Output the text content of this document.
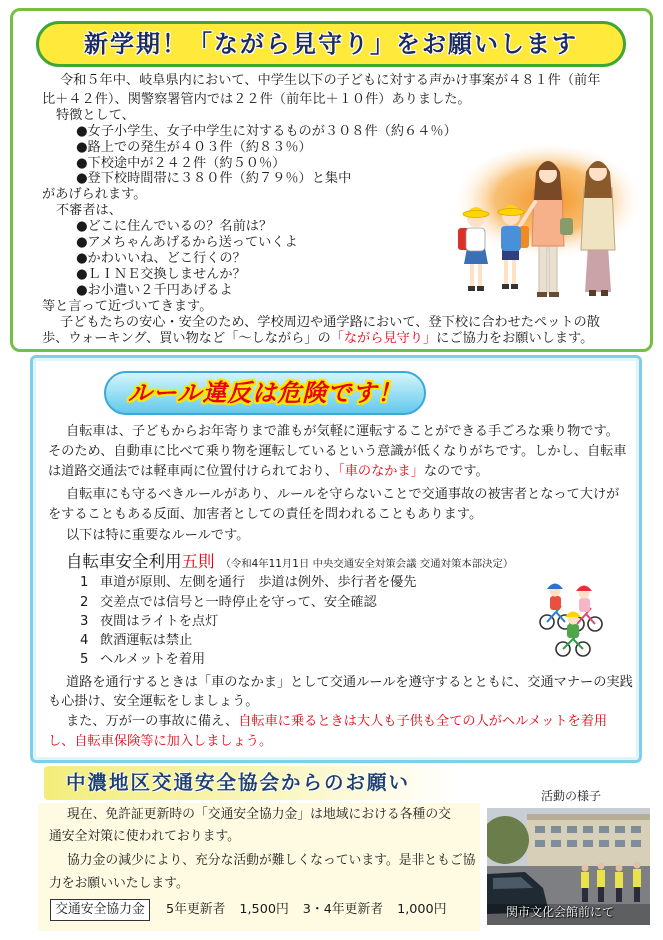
新学期！「ながら見守り」をお願いします
令和５年中、岐阜県内において、中学生以下の子どもに対する声かけ事案が４８１件（前年
比＋４２件）、関警察署管内では２２件（前年比＋１０件）ありました。
特徴として、
●女子小学生、女子中学生に対するものが３０８件（約６４％）
●路上での発生が４０３件（約８３％）
●下校途中が２４２件（約５０％）
●登下校時間帯に３８０件（約７９％）と集中
があげられます。
不審者は、
●どこに住んでいるの？名前は？
●アメちゃんあげるから送っていくよ
●かわいいね、どこ行くの？
●ＬＩＮＥ交換しませんか？
●お小遣い２千円あげるよ
等と言って近づいてきます。
子どもたちの安心・安全のため、学校周辺や通学路において、登下校に合わせたペットの散
歩、ウォーキング、買い物など「～しながら」の「ながら見守り」にご協力をお願いします。
ルール違反は危険です！
自転車は、子どもからお年寄りまで誰もが気軽に運転することができる手ごろな乗り物です。
そのため、自動車に比べて乗り物を運転しているという意識が低くなりがちです。しかし、自転車
は道路交通法では軽車両に位置付けられており、「車のなかま」なのです。
自転車にも守るべきルールがあり、ルールを守らないことで交通事故の被害者となって大けが
をすることもある反面、加害者としての責任を問われることもあります。
以下は特に重要なルールです。
自転車安全利用五則 （令和4年11月1日 中央交通安全対策会議 交通対策本部決定）
1 車道が原則、左側を通行　歩道は例外、歩行者を優先
2 交差点では信号と一時停止を守って、安全確認
3 夜間はライトを点灯
4 飲酒運転は禁止
5 ヘルメットを着用
道路を通行するときは「車のなかま」として交通ルールを遵守するとともに、交通マナーの実践
も心掛け、安全運転をしましょう。
また、万が一の事故に備え、自転車に乗るときは大人も子供も全ての人がヘルメットを着用
し、自転車保険等に加入しましょう。
中濃地区交通安全協会からのお願い
現在、免許証更新時の「交通安全協力金」は地域における各種の交
通安全対策に使われております。
協力金の減少により、充分な活動が難しくなっています。是非ともご協
力をお願いいたします。
交通安全協力金	5年更新者 1,500円 3・4年更新者 1,000円
活動の様子
関市文化会館前にて
